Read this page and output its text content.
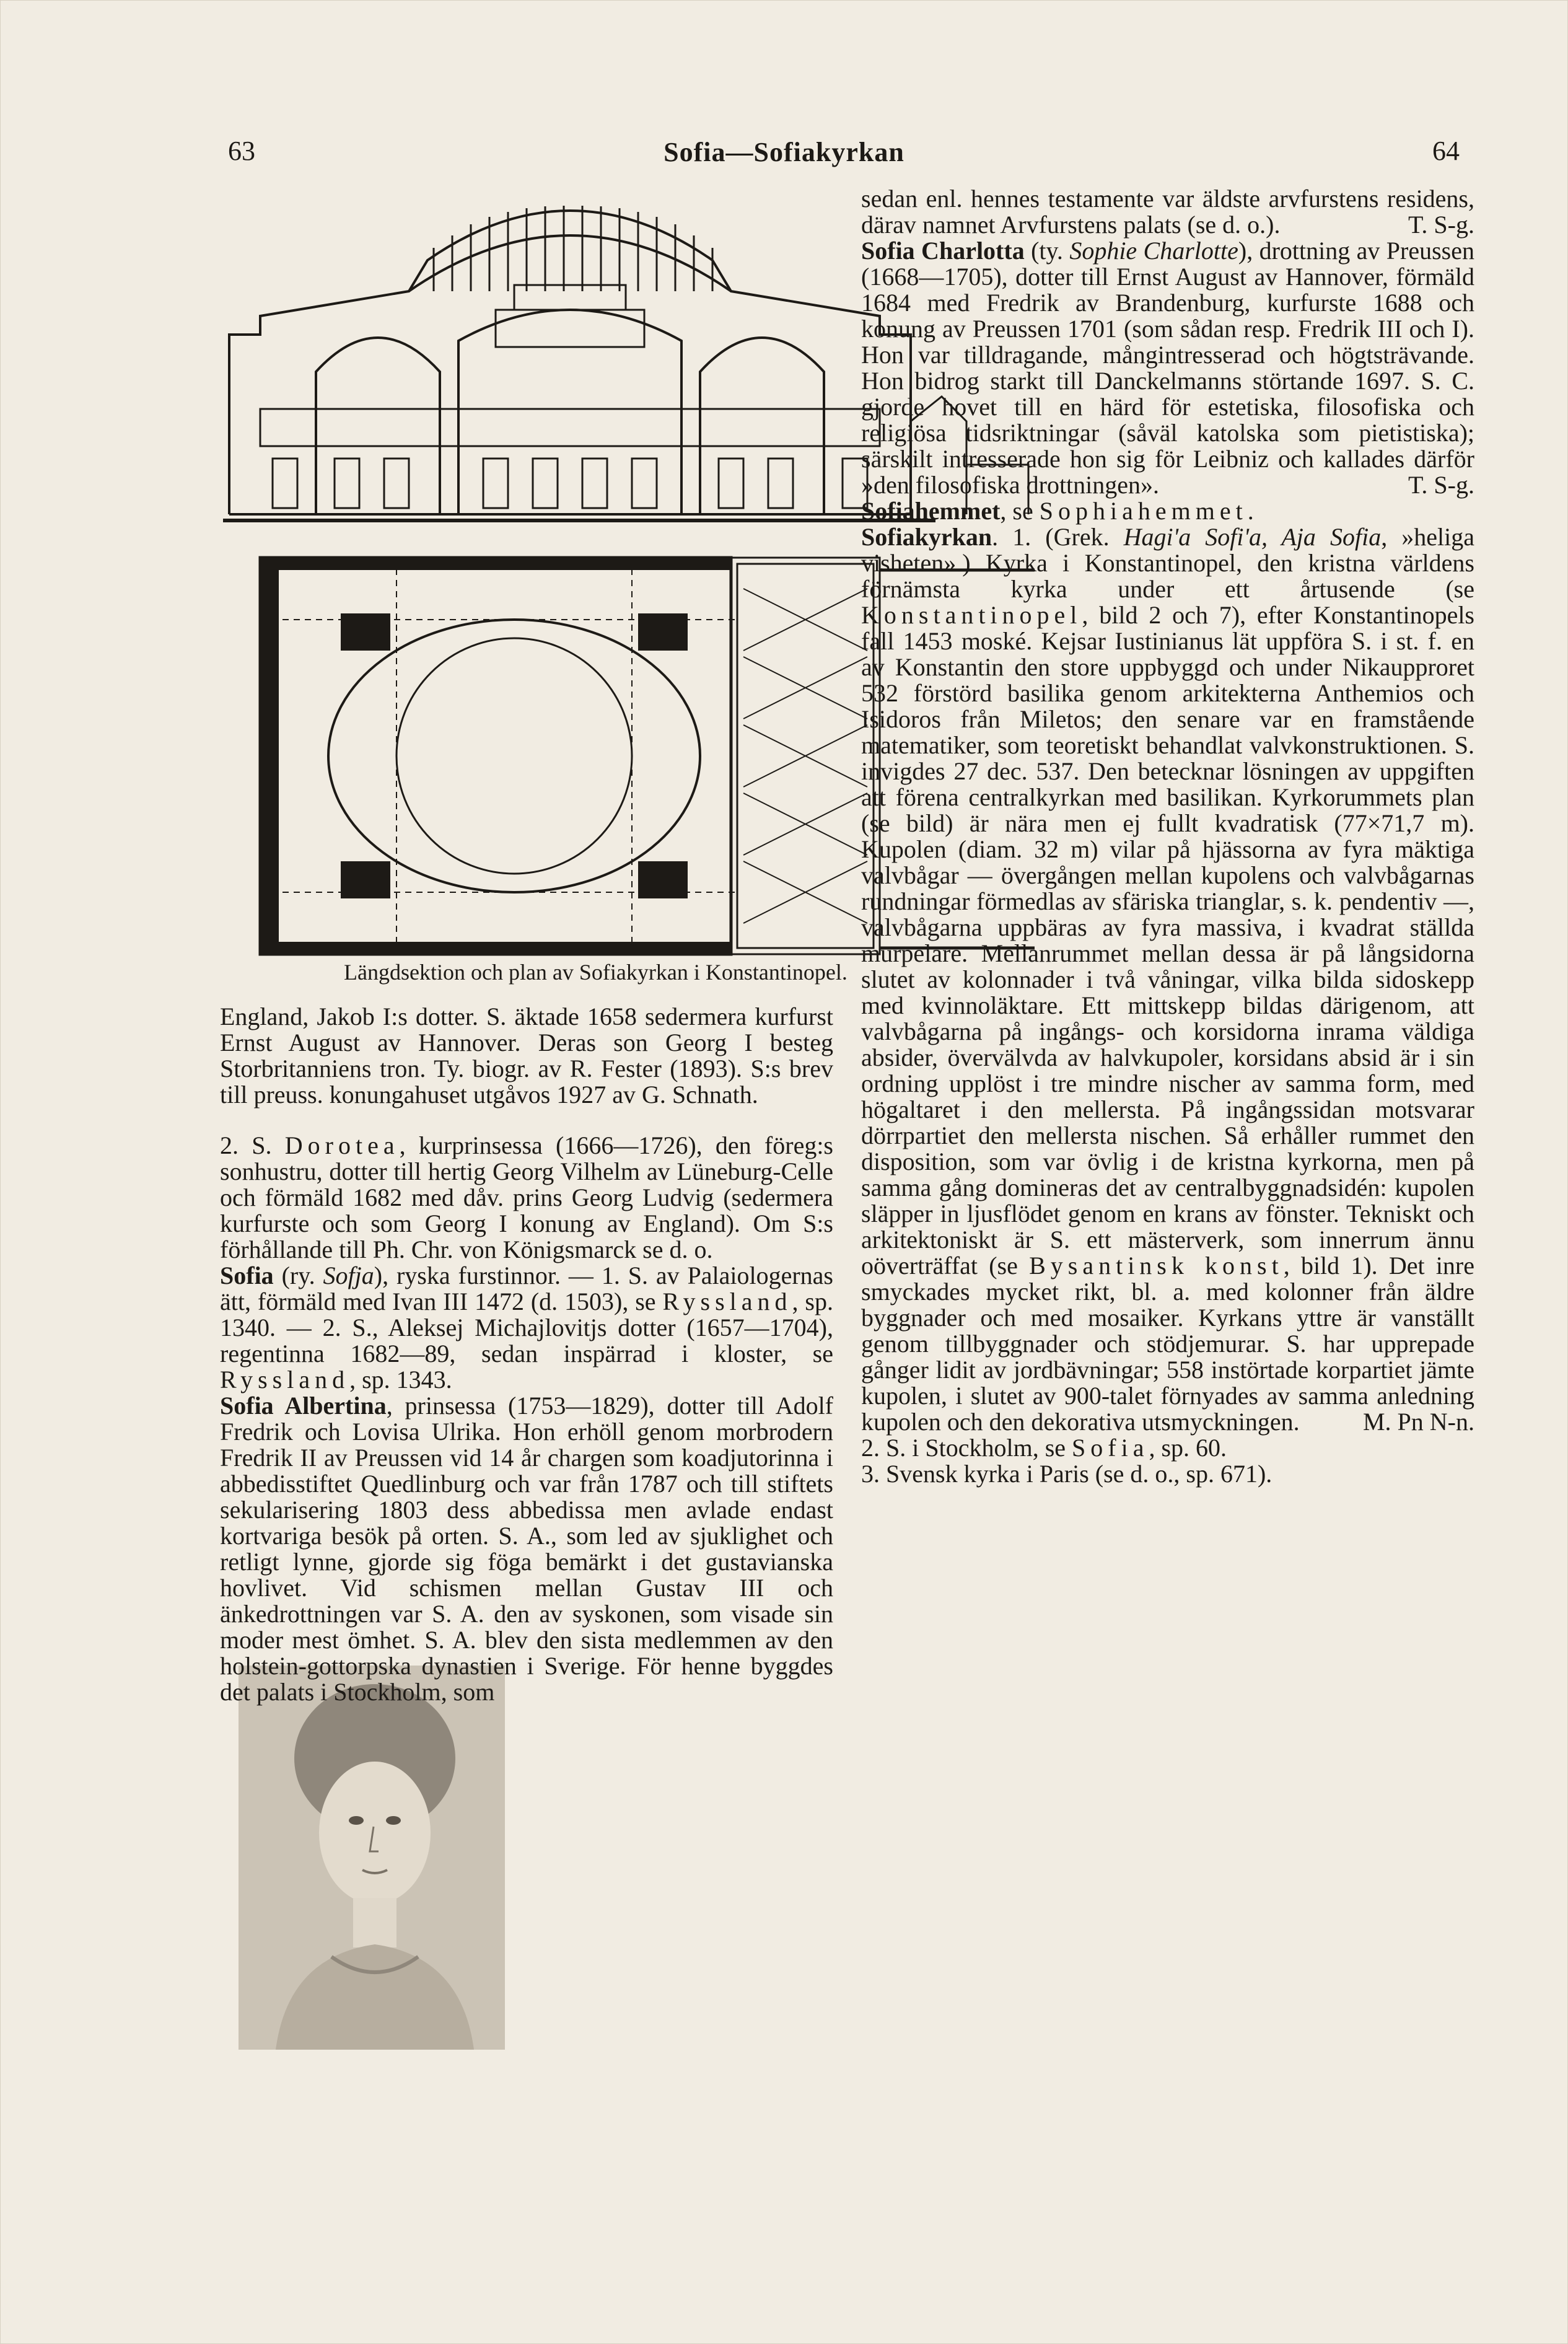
63	Sofia—Sofiakyrkan	64
Längdsektion och plan av Sofiakyrkan i Konstantinopel.

England, Jakob I:s dotter. S. äktade 1658 sedermera kurfurst Ernst August av Hannover. Deras son Georg I besteg Storbritanniens tron. Ty. biogr. av R. Fester (1893). S:s brev till preuss. konungahuset utgåvos 1927 av G. Schnath.

2. S. Dorotea, kurprinsessa (1666—1726), den föreg:s sonhustru, dotter till hertig Georg Vilhelm av Lüneburg-Celle och förmäld 1682 med dåv. prins Georg Ludvig (sedermera kurfurste och som Georg I konung av England). Om S:s förhållande till Ph. Chr. von Königsmarck se d. o.

Sofia (ry. Sofja), ryska furstinnor. — 1. S. av Palaiologernas ätt, förmäld med Ivan III 1472 (d. 1503), se Ryssland, sp. 1340. — 2. S., Aleksej Michajlovitjs dotter (1657—1704), regentinna 1682—89, sedan inspärrad i kloster, se Ryssland, sp. 1343.

Sofia Albertina, prinsessa (1753—1829), dotter till Adolf Fredrik och Lovisa Ulrika. Hon erhöll genom morbrodern Fredrik II av Preussen vid 14 år chargen som koadjutorinna i abbedisstiftet Quedlinburg och var från 1787 och till stiftets sekularisering 1803 dess abbedissa men avlade endast kortvariga besök på orten. S. A., som led av sjuklighet och retligt lynne, gjorde sig föga bemärkt i det gustavianska hovlivet. Vid schismen mellan Gustav III och änkedrottningen var S. A. den av syskonen, som visade sin moder mest ömhet. S. A. blev den sista medlemmen av den holstein-gottorpska dynastien i Sverige. För henne byggdes det palats i Stockholm, som

sedan enl. hennes testamente var äldste arvfurstens residens, därav namnet Arvfurstens palats (se d. o.).	T. S-g.

Sofia Charlotta (ty. Sophie Charlotte), drottning av Preussen (1668—1705), dotter till Ernst August av Hannover, förmäld 1684 med Fredrik av Brandenburg, kurfurste 1688 och konung av Preussen 1701 (som sådan resp. Fredrik III och I). Hon var tilldragande, mångintresserad och högtsträvande. Hon bidrog starkt till Danckelmanns störtande 1697. S. C. gjorde hovet till en härd för estetiska, filosofiska och religiösa tidsriktningar (såväl katolska som pietistiska); särskilt intresserade hon sig för Leibniz och kallades därför »den filosofiska drottningen».	T. S-g.

Sofiahemmet, se Sophiahemmet.

Sofiakyrkan. 1. (Grek. Hagi'a Sofi'a, Aja Sofia, »heliga visheten».) Kyrka i Konstantinopel, den kristna världens förnämsta kyrka under ett årtusende (se Konstantinopel, bild 2 och 7), efter Konstantinopels fall 1453 moské. Kejsar Iustinianus lät uppföra S. i st. f. en av Konstantin den store uppbyggd och under Nikaupproret 532 förstörd basilika genom arkitekterna Anthemios och Isidoros från Miletos; den senare var en framstående matematiker, som teoretiskt behandlat valvkonstruktionen. S. invigdes 27 dec. 537. Den betecknar lösningen av uppgiften att förena centralkyrkan med basilikan. Kyrkorummets plan (se bild) är nära men ej fullt kvadratisk (77×71,7 m). Kupolen (diam. 32 m) vilar på hjässorna av fyra mäktiga valvbågar — övergången mellan kupolens och valvbågarnas rundningar förmedlas av sfäriska trianglar, s. k. pendentiv —, valvbågarna uppbäras av fyra massiva, i kvadrat ställda murpelare. Mellanrummet mellan dessa är på långsidorna slutet av kolonnader i två våningar, vilka bilda sidoskepp med kvinnoläktare. Ett mittskepp bildas därigenom, att valvbågarna på ingångs- och korsidorna inrama väldiga absider, övervälvda av halvkupoler, korsidans absid är i sin ordning upplöst i tre mindre nischer av samma form, med högaltaret i den mellersta. På ingångssidan motsvarar dörrpartiet den mellersta nischen. Så erhåller rummet den disposition, som var övlig i de kristna kyrkorna, men på samma gång domineras det av centralbyggnadsidén: kupolen släpper in ljusflödet genom en krans av fönster. Tekniskt och arkitektoniskt är S. ett mästerverk, som innerrum ännu oöverträffat (se Bysantinsk konst, bild 1). Det inre smyckades mycket rikt, bl. a. med kolonner från äldre byggnader och med mosaiker. Kyrkans yttre är vanställt genom tillbyggnader och stödjemurar. S. har upprepade gånger lidit av jordbävningar; 558 instörtade korpartiet jämte kupolen, i slutet av 900-talet förnyades av samma anledning kupolen och den dekorativa utsmyckningen.	M. Pn N-n.

2. S. i Stockholm, se Sofia, sp. 60.

3. Svensk kyrka i Paris (se d. o., sp. 671).
